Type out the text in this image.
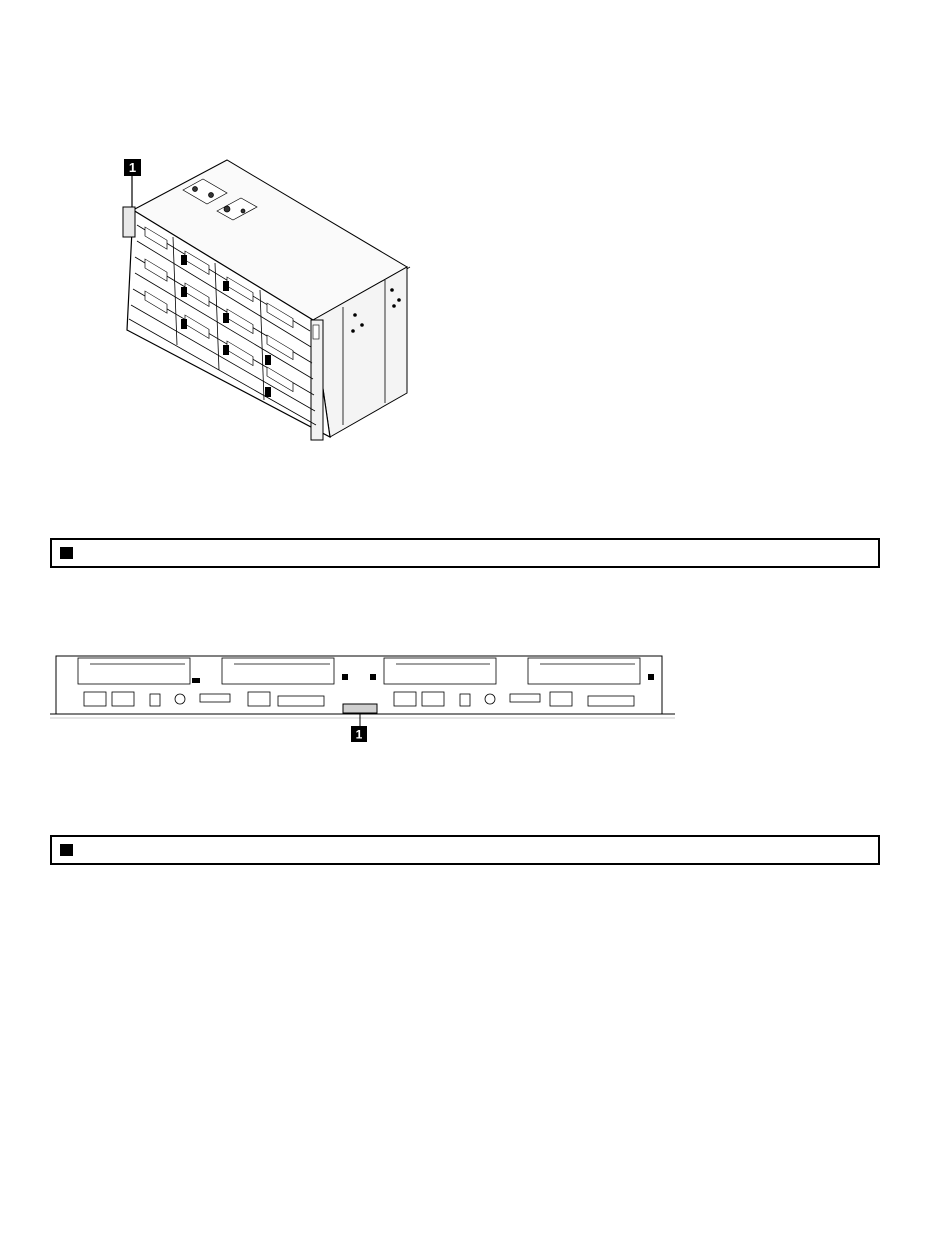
1
1
